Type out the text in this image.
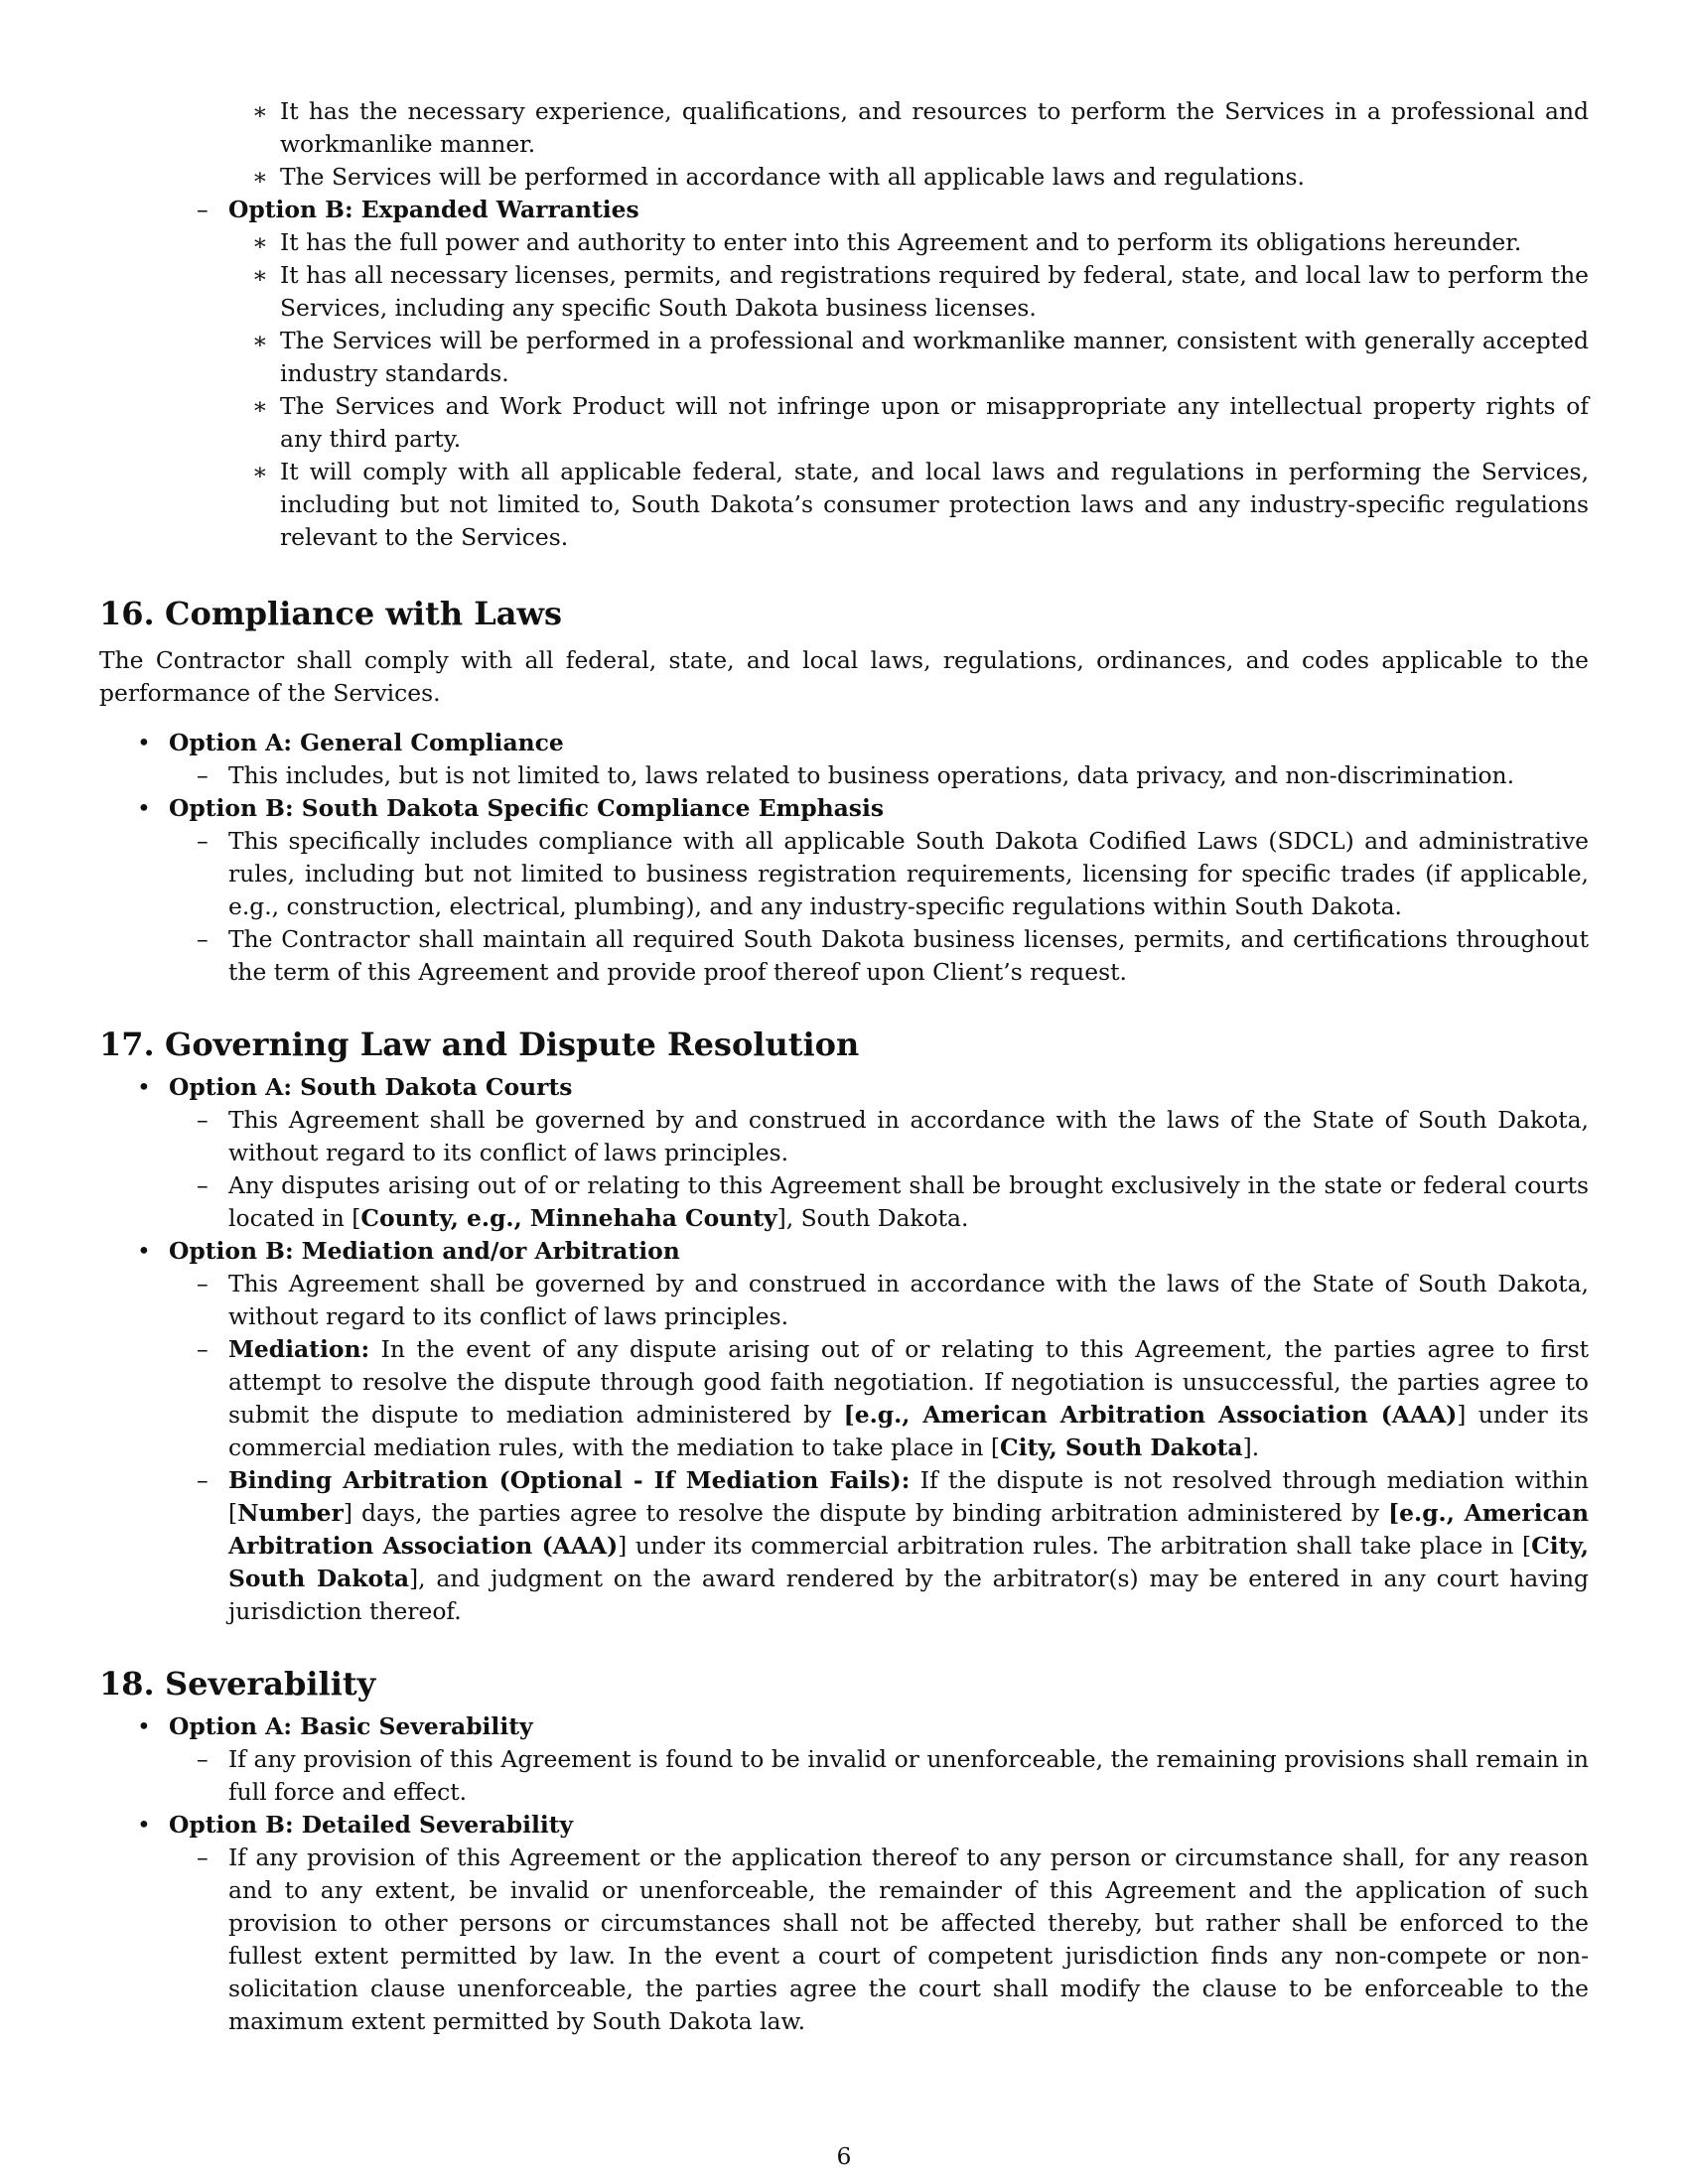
∗ It has the necessary experience, qualifications, and resources to perform the Services in a professional and workmanlike manner.

∗ The Services will be performed in accordance with all applicable laws and regulations.

– Option B: Expanded Warranties

∗ It has the full power and authority to enter into this Agreement and to perform its obligations hereunder.

∗ It has all necessary licenses, permits, and registrations required by federal, state, and local law to perform the Services, including any specific South Dakota business licenses.

∗ The Services will be performed in a professional and workmanlike manner, consistent with generally accepted industry standards.

∗ The Services and Work Product will not infringe upon or misappropriate any intellectual property rights of any third party.

∗ It will comply with all applicable federal, state, and local laws and regulations in performing the Services, including but not limited to, South Dakota’s consumer protection laws and any industry-specific regulations relevant to the Services.

16. Compliance with Laws

The Contractor shall comply with all federal, state, and local laws, regulations, ordinances, and codes applicable to the performance of the Services.

• Option A: General Compliance

– This includes, but is not limited to, laws related to business operations, data privacy, and non-discrimination.

• Option B: South Dakota Specific Compliance Emphasis

– This specifically includes compliance with all applicable South Dakota Codified Laws (SDCL) and administrative rules, including but not limited to business registration requirements, licensing for specific trades (if applicable, e.g., construction, electrical, plumbing), and any industry-specific regulations within South Dakota.

– The Contractor shall maintain all required South Dakota business licenses, permits, and certifications throughout the term of this Agreement and provide proof thereof upon Client’s request.

17. Governing Law and Dispute Resolution
• Option A: South Dakota Courts

– This Agreement shall be governed by and construed in accordance with the laws of the State of South Dakota, without regard to its conflict of laws principles.

– Any disputes arising out of or relating to this Agreement shall be brought exclusively in the state or federal courts located in [County, e.g., Minnehaha County], South Dakota.

• Option B: Mediation and/or Arbitration

– This Agreement shall be governed by and construed in accordance with the laws of the State of South Dakota, without regard to its conflict of laws principles.

– Mediation: In the event of any dispute arising out of or relating to this Agreement, the parties agree to first attempt to resolve the dispute through good faith negotiation. If negotiation is unsuccessful, the parties agree to submit the dispute to mediation administered by [e.g., American Arbitration Association (AAA)] under its commercial mediation rules, with the mediation to take place in [City, South Dakota].

– Binding Arbitration (Optional - If Mediation Fails): If the dispute is not resolved through mediation within [Number] days, the parties agree to resolve the dispute by binding arbitration administered by [e.g., American Arbitration Association (AAA)] under its commercial arbitration rules. The arbitration shall take place in [City, South Dakota], and judgment on the award rendered by the arbitrator(s) may be entered in any court having jurisdiction thereof.

18. Severability
• Option A: Basic Severability

– If any provision of this Agreement is found to be invalid or unenforceable, the remaining provisions shall remain in full force and effect.

• Option B: Detailed Severability

– If any provision of this Agreement or the application thereof to any person or circumstance shall, for any reason and to any extent, be invalid or unenforceable, the remainder of this Agreement and the application of such provision to other persons or circumstances shall not be affected thereby, but rather shall be enforced to the fullest extent permitted by law. In the event a court of competent jurisdiction finds any non-compete or non-solicitation clause unenforceable, the parties agree the court shall modify the clause to be enforceable to the maximum extent permitted by South Dakota law.

6
